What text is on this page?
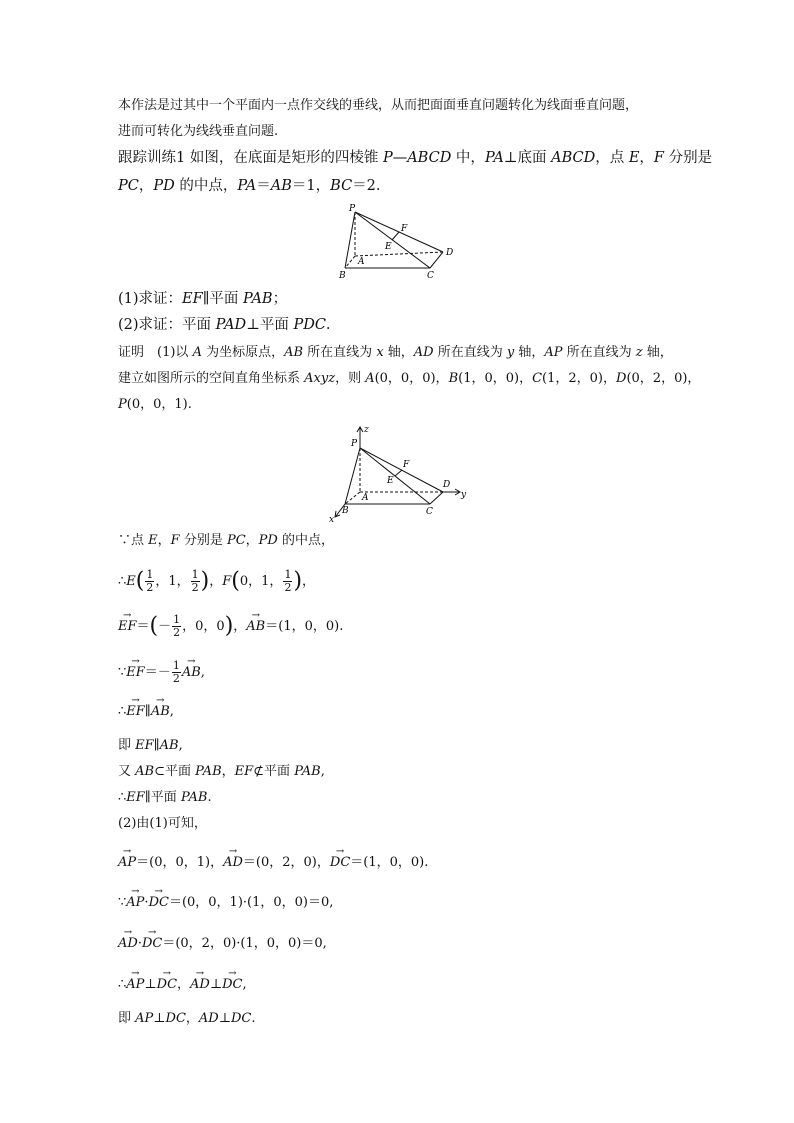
本作法是过其中一个平面内一点作交线的垂线，从而把面面垂直问题转化为线面垂直问题，
进而可转化为线线垂直问题.
跟踪训练1 如图，在底面是矩形的四棱锥 P—ABCD 中，PA⊥底面 ABCD，点 E，F 分别是
PC，PD 的中点，PA＝AB＝1，BC＝2.
P
A
B	C
D
E
F
(1)求证：EF∥平面 PAB；
(2)求证：平面 PAD⊥平面 PDC.
证明　(1)以 A 为坐标原点，AB 所在直线为 x 轴，AD 所在直线为 y 轴，AP 所在直线为 z 轴，
建立如图所示的空间直角坐标系 Axyz，则 A(0，0，0)，B(1，0，0)，C(1，2，0)，D(0，2，0)，
P(0，0，1).
z
y
x
P
A
B	C
D
E
F
∵点 E，F 分别是 PC，PD 的中点，
∴E( $\frac{1}{2}$ ，1， $\frac{1}{2}$ )，F(0，1， $\frac{1}{2}$ )，
→ $EF=(- \frac{1}{2}$ ，0，0)，→ AB＝(1，0，0).
∵→ $EF=- \frac{1}{2}$
→ AB,
∴→ EF∥→ AB,
即 EF∥AB,
又 AB⊂平面 PAB，EF⊄平面 PAB,
∴EF∥平面 PAB.
(2)由(1)可知，
→ AP＝(0，0，1)，→ AD＝(0，2，0)，→ DC＝(1，0，0).
∵→ AP·→ DC＝(0，0，1)·(1，0，0)＝0,
→ AD·→ DC＝(0，2，0)·(1，0，0)＝0,
∴→ AP⊥→ DC，→ AD⊥→ DC,
即 AP⊥DC，AD⊥DC.
